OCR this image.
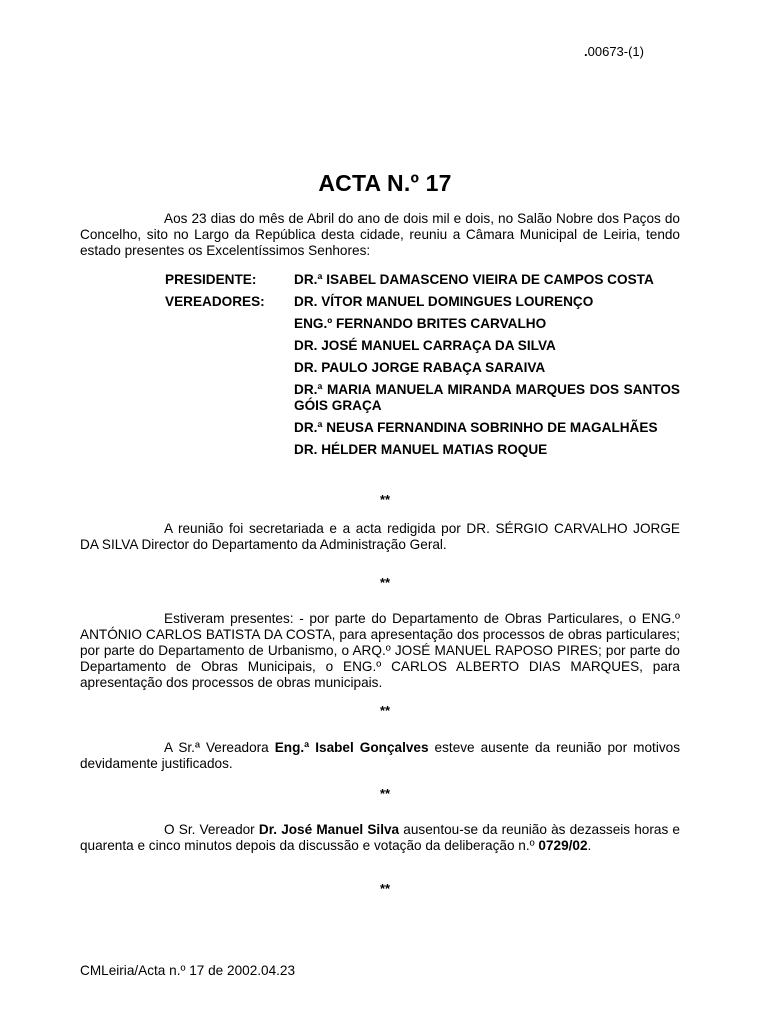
.00673-(1)
ACTA N.º 17
Aos 23 dias do mês de Abril do ano de dois mil e dois, no Salão Nobre dos Paços do Concelho, sito no Largo da República desta cidade, reuniu a Câmara Municipal de Leiria, tendo estado presentes os Excelentíssimos Senhores:
PRESIDENTE:	DR.ª ISABEL DAMASCENO VIEIRA DE CAMPOS COSTA
VEREADORES:	DR. VÍTOR MANUEL DOMINGUES LOURENÇO
ENG.º FERNANDO BRITES CARVALHO
DR. JOSÉ MANUEL CARRAÇA DA SILVA
DR. PAULO JORGE RABAÇA SARAIVA
DR.ª MARIA MANUELA MIRANDA MARQUES DOS SANTOS GÓIS GRAÇA
DR.ª NEUSA FERNANDINA SOBRINHO DE MAGALHÃES
DR. HÉLDER MANUEL MATIAS ROQUE
**
A reunião foi secretariada e a acta redigida por DR. SÉRGIO CARVALHO JORGE DA SILVA Director do Departamento da Administração Geral.
**
Estiveram presentes: - por parte do Departamento de Obras Particulares, o ENG.º ANTÓNIO CARLOS BATISTA DA COSTA, para apresentação dos processos de obras particulares; por parte do Departamento de Urbanismo, o ARQ.º JOSÉ MANUEL RAPOSO PIRES; por parte do Departamento de Obras Municipais, o ENG.º CARLOS ALBERTO DIAS MARQUES, para apresentação dos processos de obras municipais.
**
A Sr.ª Vereadora Eng.ª Isabel Gonçalves esteve ausente da reunião por motivos devidamente justificados.
**
O Sr. Vereador Dr. José Manuel Silva ausentou-se da reunião às dezasseis horas e quarenta e cinco minutos depois da discussão e votação da deliberação n.º 0729/02.
**
CMLeiria/Acta n.º 17 de 2002.04.23
